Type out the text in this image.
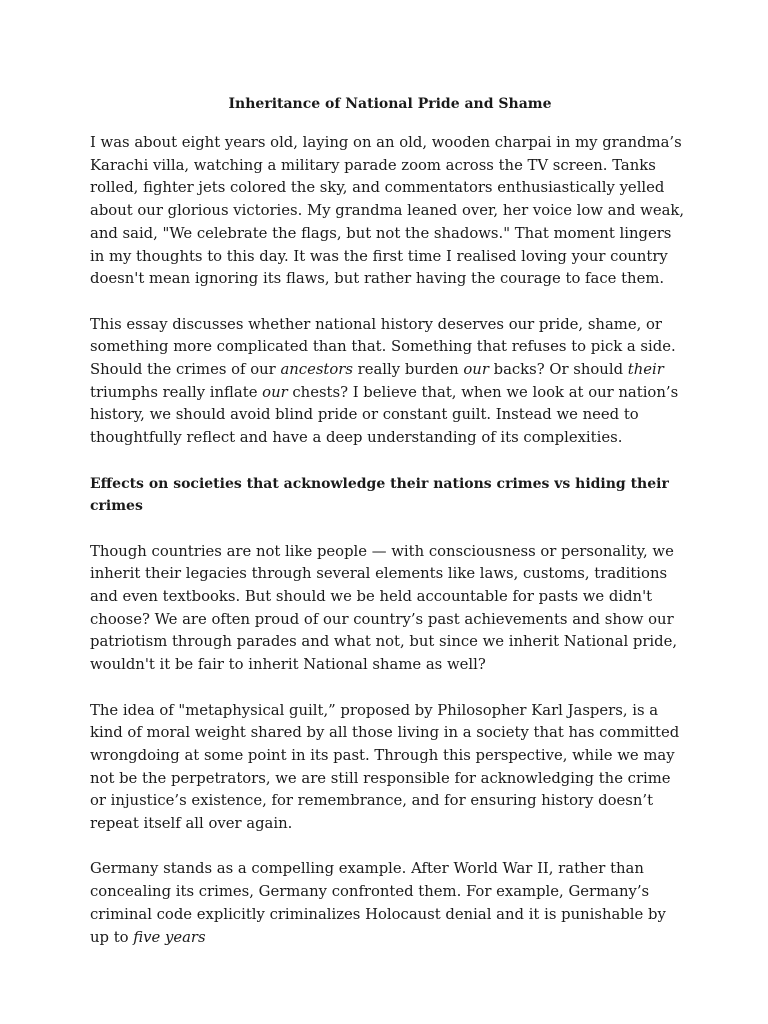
Inheritance of National Pride and Shame

I was about eight years old, laying on an old, wooden charpai in my grandma’s Karachi villa, watching a military parade zoom across the TV screen. Tanks rolled, fighter jets colored the sky, and commentators enthusiastically yelled about our glorious victories. My grandma leaned over, her voice low and weak, and said, "We celebrate the flags, but not the shadows." That moment lingers in my thoughts to this day. It was the first time I realised loving your country doesn't mean ignoring its flaws, but rather having the courage to face them.

This essay discusses whether national history deserves our pride, shame, or something more complicated than that. Something that refuses to pick a side. Should the crimes of our ancestors really burden our backs? Or should their triumphs really inflate our chests? I believe that, when we look at our nation’s history, we should avoid blind pride or constant guilt. Instead we need to thoughtfully reflect and have a deep understanding of its complexities.

Effects on societies that acknowledge their nations crimes vs hiding their crimes

Though countries are not like people — with consciousness or personality, we inherit their legacies through several elements like laws, customs, traditions and even textbooks. But should we be held accountable for pasts we didn't choose? We are often proud of our country’s past achievements and show our patriotism through parades and what not, but since we inherit National pride, wouldn't it be fair to inherit National shame as well?

The idea of "metaphysical guilt,” proposed by Philosopher Karl Jaspers, is a kind of moral weight shared by all those living in a society that has committed wrongdoing at some point in its past. Through this perspective, while we may not be the perpetrators, we are still responsible for acknowledging the crime or injustice’s existence, for remembrance, and for ensuring history doesn’t repeat itself all over again.

Germany stands as a compelling example. After World War II, rather than concealing its crimes, Germany confronted them. For example, Germany’s criminal code explicitly criminalizes Holocaust denial and it is punishable by up to five years
